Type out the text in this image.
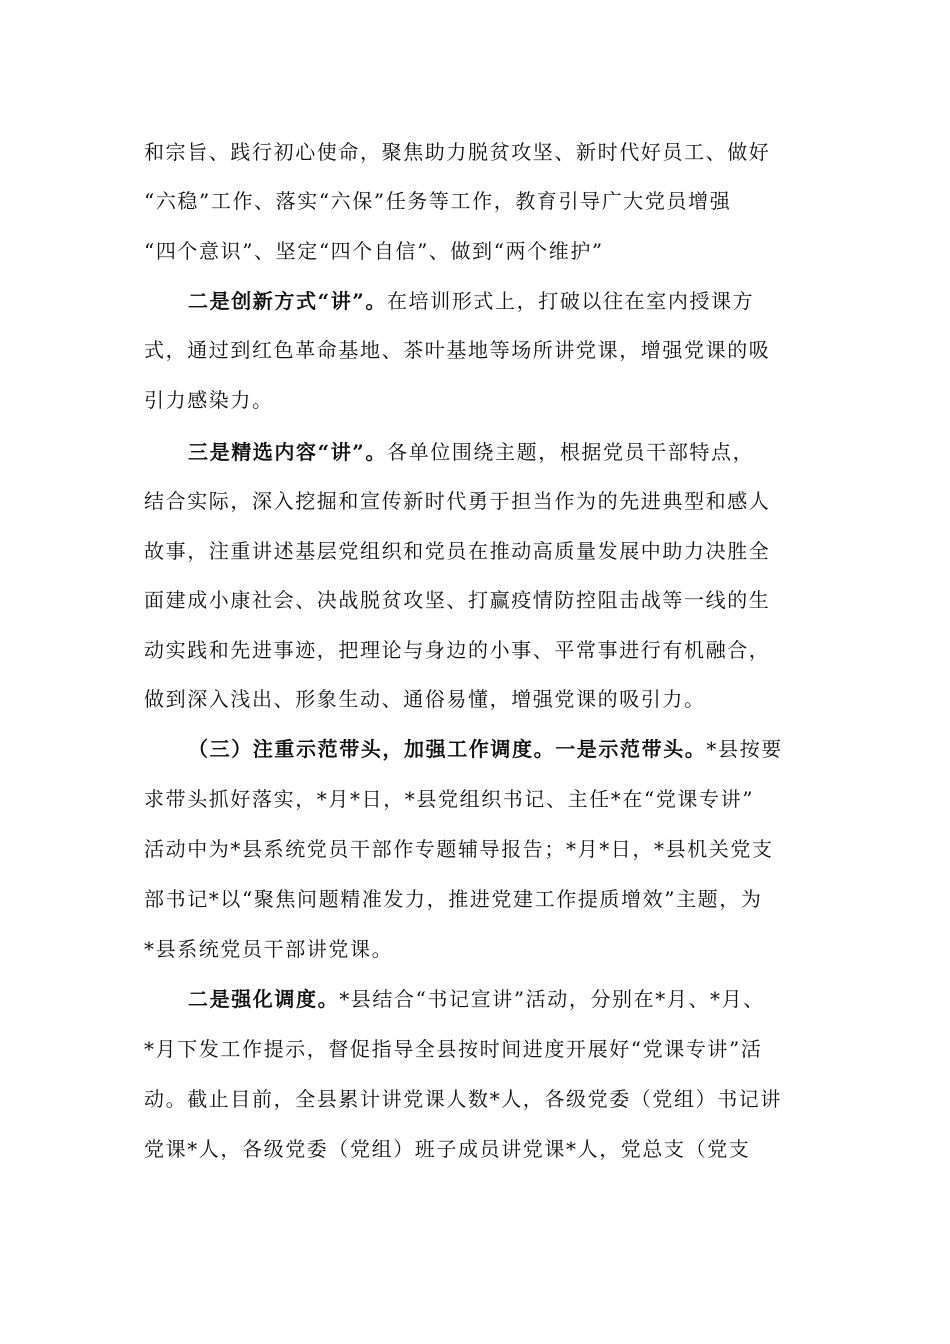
和宗旨、践行初心使命，聚焦助力脱贫攻坚、新时代好员工、做好
“六稳”工作、落实“六保”任务等工作，教育引导广大党员增强
“四个意识”、坚定“四个自信”、做到“两个维护”
二是创新方式“讲”。在培训形式上，打破以往在室内授课方
式，通过到红色革命基地、茶叶基地等场所讲党课，增强党课的吸
引力感染力。
三是精选内容“讲”。各单位围绕主题，根据党员干部特点，
结合实际，深入挖掘和宣传新时代勇于担当作为的先进典型和感人
故事，注重讲述基层党组织和党员在推动高质量发展中助力决胜全
面建成小康社会、决战脱贫攻坚、打赢疫情防控阻击战等一线的生
动实践和先进事迹，把理论与身边的小事、平常事进行有机融合，
做到深入浅出、形象生动、通俗易懂，增强党课的吸引力。
（三）注重示范带头，加强工作调度。一是示范带头。*县按要
求带头抓好落实，*月*日，*县党组织书记、主任*在“党课专讲”
活动中为*县系统党员干部作专题辅导报告；*月*日，*县机关党支
部书记*以“聚焦问题精准发力，推进党建工作提质增效”主题，为
*县系统党员干部讲党课。
二是强化调度。*县结合“书记宣讲”活动，分别在*月、*月、
*月下发工作提示，督促指导全县按时间进度开展好“党课专讲”活
动。截止目前，全县累计讲党课人数*人，各级党委（党组）书记讲
党课*人，各级党委（党组）班子成员讲党课*人，党总支（党支
